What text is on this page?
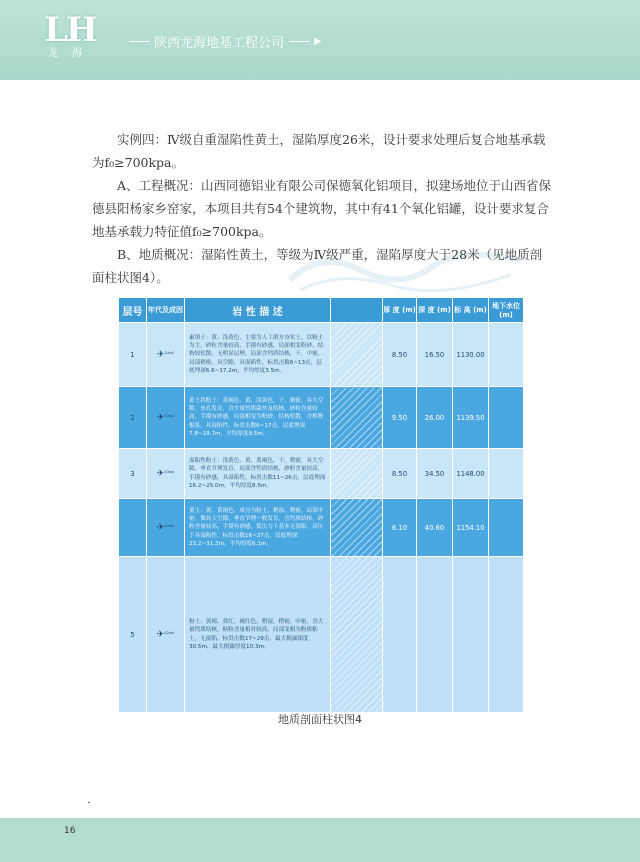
LH
龙海
陕西龙海地基工程公司	▶

实例四：Ⅳ级自重湿陷性黄土，湿陷厚度26米，设计要求处理后复合地基承载为f₀≥700kpa。

A、工程概况：山西同德铝业有限公司保德氧化铝项目，拟建场地位于山西省保德县阳杨家乡窑家，本项目共有54个建筑物，其中有41个氧化铝罐，设计要求复合地基承载力特征值f₀≥700kpa。

B、地质概况：湿陷性黄土，等级为Ⅳ级严重，湿陷厚度大于28米（见地质剖面柱状图4）。

层号	年代及成因	岩 性 描 述		厚 度 (m)	深 度 (m)	标 高 (m)	地下水位 (m)
1	✈$^{Q4ml}$	素填土：黄、浅黄色，主要为人工填方夯实土，以粉土为主，砂粒含量较高，手摸有砂感，局部相变粉砂，结构较松散，无明显层理，局部含钙质结核，干，中密，局部稍密，具空隙，具湿陷性，标贯击数6~13击，层底埋深6.6~17.2m，平均厚度3.5m。		8.50	16.50	1130.00	
2	✈$^{Q3eol}$	黄土状粉土：黄褐色、黄、浅黄色，干，稍密，具大空隙，虫孔发育，含少量钙质菌丝及结核，砂粒含量较高，手摸有砂感，局部相变为粉砂，结构松散，含植物根系，具湿陷性，标贯击数6~17击，层底埋深7.8~19.7m，平均厚度9.5m。		9.50	26.00	1139.50	
3	✈$^{Q3eol}$	湿陷性粉土：浅黄色、黄、黄褐色，干，稍密，具大空隙，垂直节理发育，局部含钙质结核，砂粒含量较高，手摸有砂感，具湿陷性，标贯击数11~26击，层底埋深16.2~25.0m，平均厚度8.5m。		8.50	34.50	1148.00	
	✈$^{Q2eol}$	黄土：黄、黄褐色，成分为粉土，稍湿，稍密，局部中密，偶具大空隙，垂直节理一般发育，含钙质结核，砂粒含量较高，手摸有砂感，低压力下基本无湿陷，高压下具湿陷性，标贯击数16~27击，层底埋深23.2~31.3m，平均厚度6.1m。		6.10	40.60	1154.10	
5	✈$^{Q2eol}$	粉土：黄褐、黄红、褐红色，稍湿，稍密，中密，含大量钙质结核，粘粒含量相对较高，局部变相为粉质粘土，无湿陷，标贯击数17~29击，最大揭露深度30.5m，最大揭露厚度10.3m。					
地质剖面柱状图4
16
